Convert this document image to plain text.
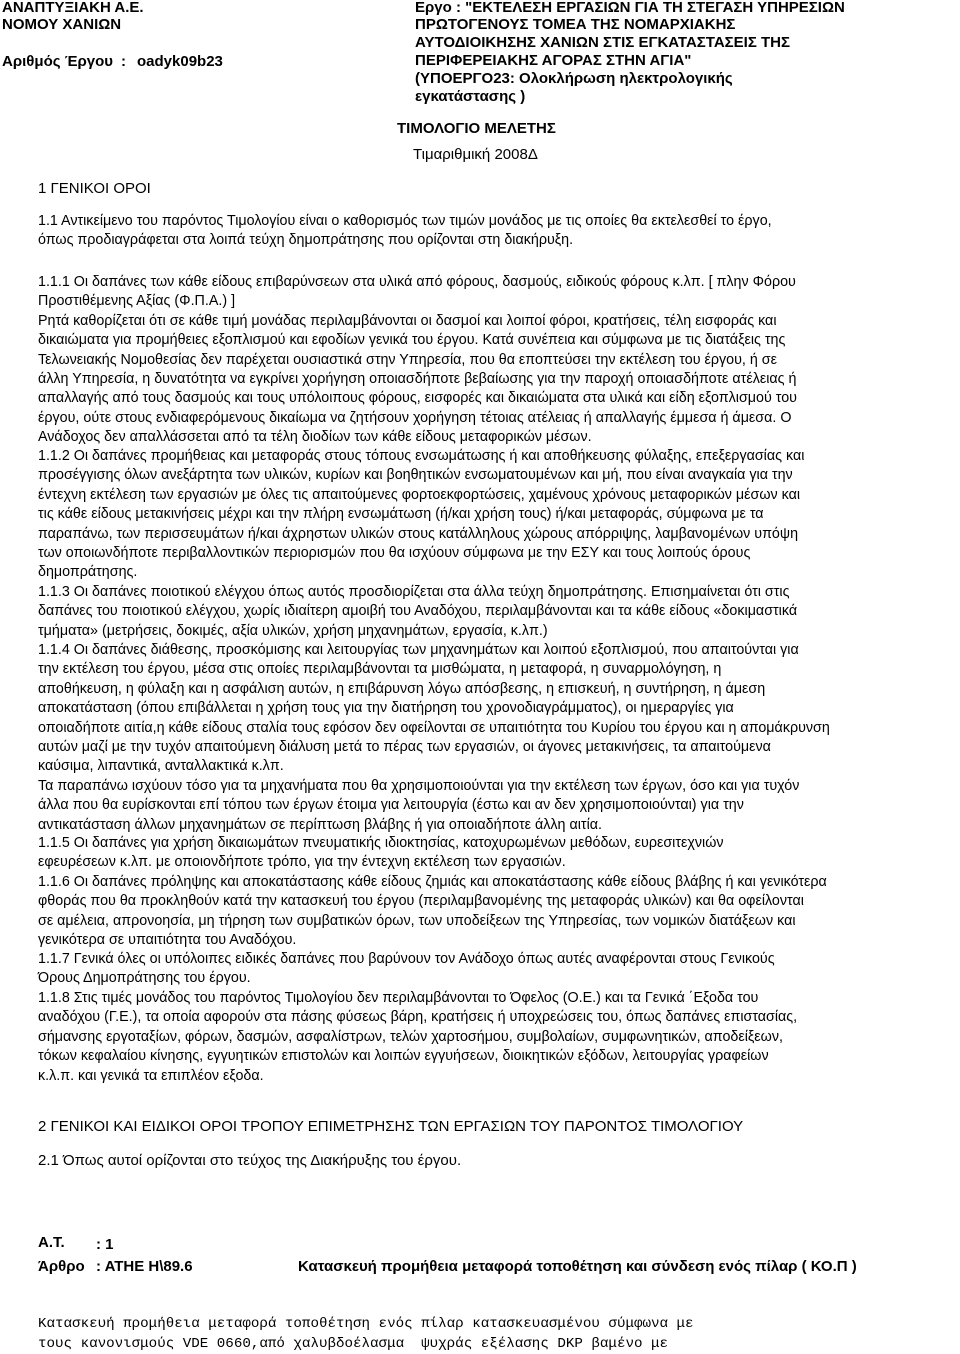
ΑΝΑΠΤΥΞΙΑΚΗ Α.Ε.
ΝΟΜΟΥ ΧΑΝΙΩΝ
Αριθμός Έργου : oadyk09b23
Εργο : "ΕΚΤΕΛΕΣΗ ΕΡΓΑΣΙΩΝ ΓΙΑ ΤΗ ΣΤΕΓΑΣΗ ΥΠΗΡΕΣΙΩΝ
ΠΡΩΤΟΓΕΝΟΥΣ ΤΟΜΕΑ ΤΗΣ ΝΟΜΑΡΧΙΑΚΗΣ
ΑΥΤΟΔΙΟΙΚΗΣΗΣ ΧΑΝΙΩΝ ΣΤΙΣ ΕΓΚΑΤΑΣΤΑΣΕΙΣ ΤΗΣ
ΠΕΡΙΦΕΡΕΙΑΚΗΣ ΑΓΟΡΑΣ ΣΤΗΝ ΑΓΙΑ"
(ΥΠΟΕΡΓΟ23: Ολοκλήρωση ηλεκτρολογικής
εγκατάστασης )
ΤΙΜΟΛΟΓΙΟ ΜΕΛΕΤΗΣ
Τιμαριθμική 2008Δ
1 ΓΕΝΙΚΟΙ ΟΡΟΙ
1.1 Αντικείμενο του παρόντος Τιμολογίου είναι ο καθορισμός των τιμών μονάδος με τις οποίες θα εκτελεσθεί το έργο,
όπως προδιαγράφεται στα λοιπά τεύχη δημοπράτησης που ορίζονται στη διακήρυξη.
1.1.1 Οι δαπάνες των κάθε είδους επιβαρύνσεων στα υλικά από φόρους, δασμούς, ειδικούς φόρους κ.λπ. [ πλην Φόρου
Προστιθέμενης Αξίας (Φ.Π.Α.) ]
Ρητά καθορίζεται ότι σε κάθε τιμή μονάδας περιλαμβάνονται οι δασμοί και λοιποί φόροι, κρατήσεις, τέλη εισφοράς και
δικαιώματα για προμήθειες εξοπλισμού και εφοδίων γενικά του έργου. Κατά συνέπεια και σύμφωνα με τις διατάξεις της
Τελωνειακής Νομοθεσίας δεν παρέχεται ουσιαστικά στην Υπηρεσία, που θα εποπτεύσει την εκτέλεση του έργου, ή σε
άλλη Υπηρεσία, η δυνατότητα να εγκρίνει χορήγηση οποιασδήποτε βεβαίωσης για την παροχή οποιασδήποτε ατέλειας ή
απαλλαγής από τους δασμούς και τους υπόλοιπους φόρους, εισφορές και δικαιώματα στα υλικά και είδη εξοπλισμού του
έργου, ούτε στους ενδιαφερόμενους δικαίωμα να ζητήσουν χορήγηση τέτοιας ατέλειας ή απαλλαγής έμμεσα ή άμεσα. Ο
Ανάδοχος δεν απαλλάσσεται από τα τέλη διοδίων των κάθε είδους μεταφορικών μέσων.
1.1.2 Οι δαπάνες προμήθειας και μεταφοράς στους τόπους ενσωμάτωσης ή και αποθήκευσης φύλαξης, επεξεργασίας και
προσέγγισης όλων ανεξάρτητα των υλικών, κυρίων και βοηθητικών ενσωματουμένων και μή, που είναι αναγκαία για την
έντεχνη εκτέλεση των εργασιών με όλες τις απαιτούμενες φορτοεκφορτώσεις, χαμένους χρόνους μεταφορικών μέσων και
τις κάθε είδους μετακινήσεις μέχρι και την πλήρη ενσωμάτωση (ή/και χρήση τους) ή/και μεταφοράς, σύμφωνα με τα
παραπάνω, των περισσευμάτων ή/και άχρηστων υλικών στους κατάλληλους χώρους απόρριψης, λαμβανομένων υπόψη
των οποιωνδήποτε περιβαλλοντικών περιορισμών που θα ισχύουν σύμφωνα με την ΕΣΥ και τους λοιπούς όρους
δημοπράτησης.
1.1.3 Οι δαπάνες ποιοτικού ελέγχου όπως αυτός προσδιορίζεται στα άλλα τεύχη δημοπράτησης. Επισημαίνεται ότι στις
δαπάνες του ποιοτικού ελέγχου, χωρίς ιδιαίτερη αμοιβή του Αναδόχου, περιλαμβάνονται και τα κάθε είδους «δοκιμαστικά
τμήματα» (μετρήσεις, δοκιμές, αξία υλικών, χρήση μηχανημάτων, εργασία, κ.λπ.)
1.1.4 Οι δαπάνες διάθεσης, προσκόμισης και λειτουργίας των μηχανημάτων και λοιπού εξοπλισμού, που απαιτούνται για
την εκτέλεση του έργου, μέσα στις οποίες περιλαμβάνονται τα μισθώματα, η μεταφορά, η συναρμολόγηση, η
αποθήκευση, η φύλαξη και η ασφάλιση αυτών, η επιβάρυνση λόγω απόσβεσης, η επισκευή, η συντήρηση, η άμεση
αποκατάσταση (όπου επιβάλλεται η χρήση τους για την διατήρηση του χρονοδιαγράμματος), οι ημεραργίες για
οποιαδήποτε αιτία,η κάθε είδους σταλία τους εφόσον δεν οφείλονται σε υπαιτιότητα του Κυρίου του έργου και η απομάκρυνση
αυτών μαζί με την τυχόν απαιτούμενη διάλυση μετά το πέρας των εργασιών, οι άγονες μετακινήσεις, τα απαιτούμενα
καύσιμα, λιπαντικά, ανταλλακτικά κ.λπ.
Τα παραπάνω ισχύουν τόσο για τα μηχανήματα που θα χρησιμοποιούνται για την εκτέλεση των έργων, όσο και για τυχόν
άλλα που θα ευρίσκονται επί τόπου των έργων έτοιμα για λειτουργία (έστω και αν δεν χρησιμοποιούνται) για την
αντικατάσταση άλλων μηχανημάτων σε περίπτωση βλάβης ή για οποιαδήποτε άλλη αιτία.
1.1.5 Οι δαπάνες για χρήση δικαιωμάτων πνευματικής ιδιοκτησίας, κατοχυρωμένων μεθόδων, ευρεσιτεχνιών
εφευρέσεων κ.λπ. με οποιονδήποτε τρόπο, για την έντεχνη εκτέλεση των εργασιών.
1.1.6 Οι δαπάνες πρόληψης και αποκατάστασης κάθε είδους ζημιάς και αποκατάστασης κάθε είδους βλάβης ή και γενικότερα
φθοράς που θα προκληθούν κατά την κατασκευή του έργου (περιλαμβανομένης της μεταφοράς υλικών) και θα οφείλονται
σε αμέλεια, απρονοησία, μη τήρηση των συμβατικών όρων, των υποδείξεων της Υπηρεσίας, των νομικών διατάξεων και
γενικότερα σε υπαιτιότητα του Αναδόχου.
1.1.7 Γενικά όλες οι υπόλοιπες ειδικές δαπάνες που βαρύνουν τον Ανάδοχο όπως αυτές αναφέρονται στους Γενικούς
Όρους Δημοπράτησης του έργου.
1.1.8 Στις τιμές μονάδος του παρόντος Τιμολογίου δεν περιλαμβάνονται το Όφελος (Ο.Ε.) και τα Γενικά ΄Εξοδα του
αναδόχου (Γ.Ε.), τα οποία αφορούν στα πάσης φύσεως βάρη, κρατήσεις ή υποχρεώσεις του, όπως δαπάνες επιστασίας,
σήμανσης εργοταξίων, φόρων, δασμών, ασφαλίστρων, τελών χαρτοσήμου, συμβολαίων, συμφωνητικών, αποδείξεων,
τόκων κεφαλαίου κίνησης, εγγυητικών επιστολών και λοιπών εγγυήσεων, διοικητικών εξόδων, λειτουργίας γραφείων
κ.λ.π. και γενικά τα επιπλέον εξοδα.
2 ΓΕΝΙΚΟΙ ΚΑΙ ΕΙΔΙΚΟΙ ΟΡΟΙ ΤΡΟΠΟΥ ΕΠΙΜΕΤΡΗΣΗΣ ΤΩΝ ΕΡΓΑΣΙΩΝ ΤΟΥ ΠΑΡΟΝΤΟΣ ΤΙΜΟΛΟΓΙΟΥ
2.1 Όπως αυτοί ορίζονται στο τεύχος της Διακήρυξης του έργου.
Α.Τ. : 1
Άρθρο : ΑΤΗΕ Η\89.6	Κατασκευή προμήθεια μεταφορά τοποθέτηση και σύνδεση ενός πίλαρ ( ΚΟ.Π )
Κατασκευή προμήθεια μεταφορά τοποθέτηση ενός πίλαρ κατασκευασμένου σύμφωνα με
τους κανονισμούς VDE 0660,από χαλυβδοέλασμα  ψυχράς εξέλασης DKP βαμένο με
